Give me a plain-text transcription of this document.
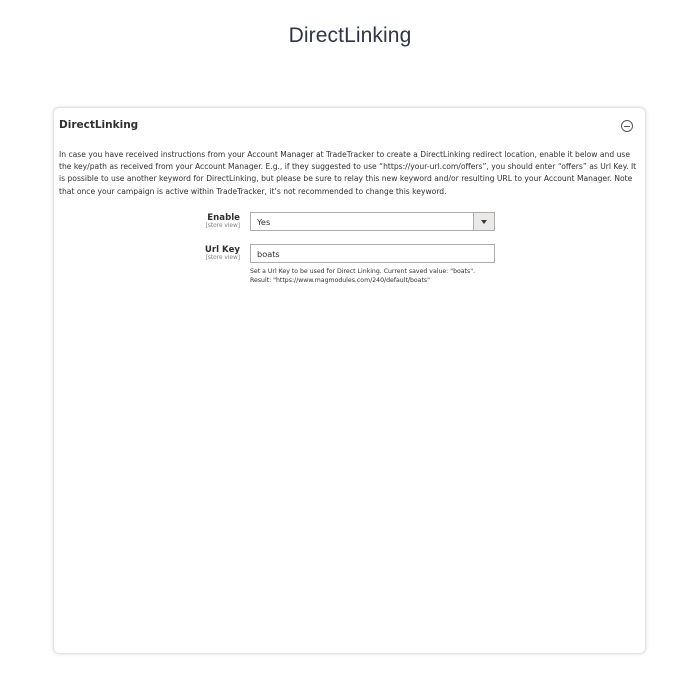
DirectLinking
DirectLinking
In case you have received instructions from your Account Manager at TradeTracker to create a DirectLinking redirect location, enable it below and use the key/path as received from your Account Manager. E.g., if they suggested to use “https://your-url.com/offers”, you should enter “offers” as Url Key. It is possible to use another keyword for DirectLinking, but please be sure to relay this new keyword and/or resulting URL to your Account Manager. Note that once your campaign is active within TradeTracker, it’s not recommended to change this keyword.
Enable
[store view] Yes
Url Key
[store view]
boats
Set a Url Key to be used for Direct Linking. Current saved value: "boats".
Result: "https://www.magmodules.com/240/default/boats"
